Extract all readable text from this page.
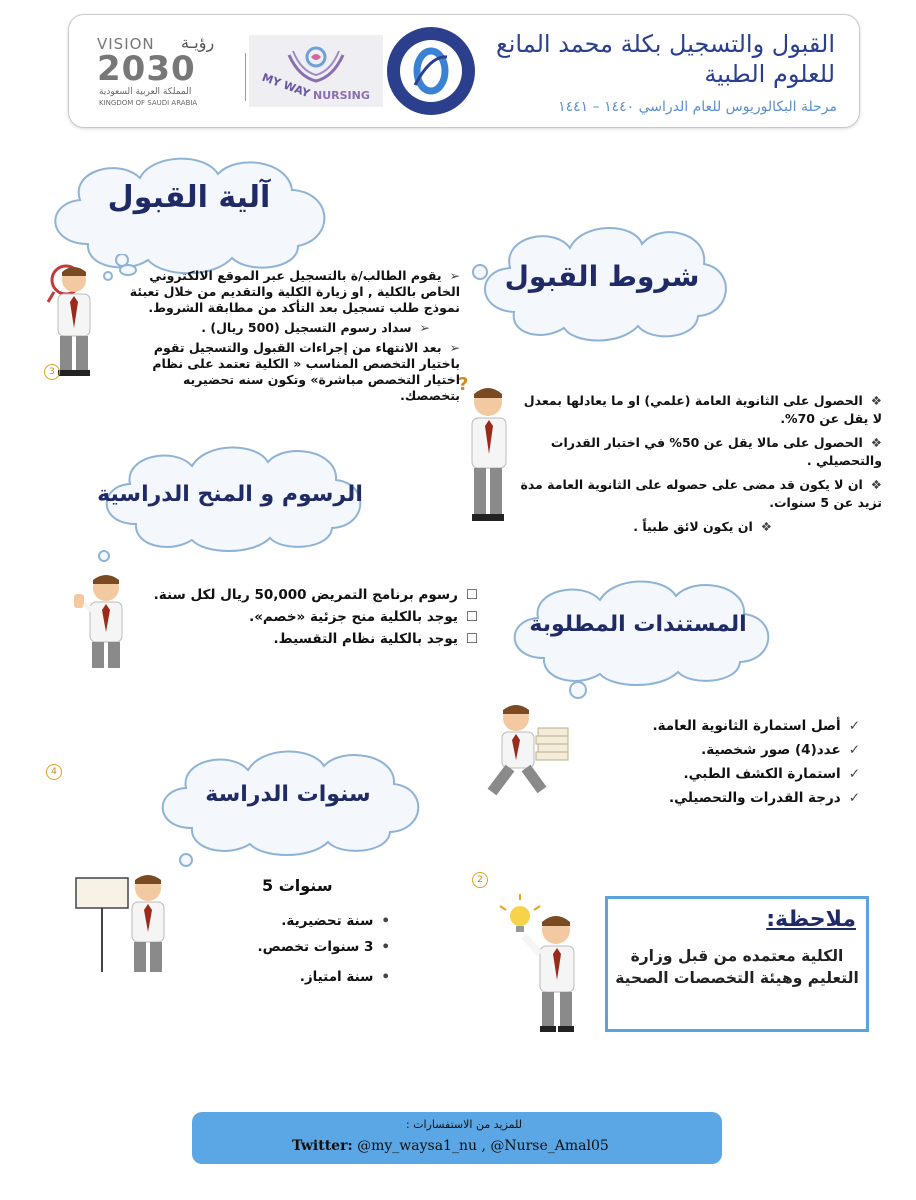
القبول والتسجيل بكلة محمد المانع للعلوم الطبية
مرحلة البكالوريوس للعام الدراسي ١٤٤٠ – ١٤٤١
MY WAY NURSING
VISION رؤيـة
2030
المملكة العربية السعودية
KINGDOM OF SAUDI ARABIA
آلية القبول
3
➢يقوم الطالب/ة بالتسجيل عبر الموقع الالكتروني الخاص بالكلية , او زيارة الكلية والتقديم من خلال تعبئة نموذج طلب تسجيل بعد التأكد من مطابقة الشروط.
➢سداد رسوم التسجيل (500 ريال) .
➢بعد الانتهاء من إجراءات القبول والتسجيل تقوم باختيار التخصص المناسب « الكلية تعتمد على نظام اختيار التخصص مباشرة» وتكون سنه تحضيريه بتخصصك.
شروط القبول
?
❖الحصول على الثانوية العامة (علمي) او ما يعادلها بمعدل لا يقل عن 70%.
❖الحصول على مالا يقل عن 50% في اختبار القدرات والتحصيلي .
❖ان لا يكون قد مضى على حصوله على الثانوية العامة مدة تزيد عن 5 سنوات.
❖ان يكون لائق طبياً .
الرسوم و المنح الدراسية
☐رسوم برنامج التمريض 50,000 ريال لكل سنة.
☐يوجد بالكلية منح جزئية «خصم».
☐يوجد بالكلية نظام التقسيط.
المستندات المطلوبة
✓أصل استمارة الثانوية العامة.
✓عدد(4) صور شخصية.
✓استمارة الكشف الطبي.
✓درجة القدرات والتحصيلي.
4
سنوات الدراسة
5 سنوات
•سنة تحضيرية.
•3 سنوات تخصص.
•سنة امتياز.
2
ملاحظة:
الكلية معتمده من قبل وزارة التعليم وهيئة التخصصات الصحية
للمزيد من الاستفسارات :
Twitter: @my_waysa1_nu , @Nurse_Amal05
